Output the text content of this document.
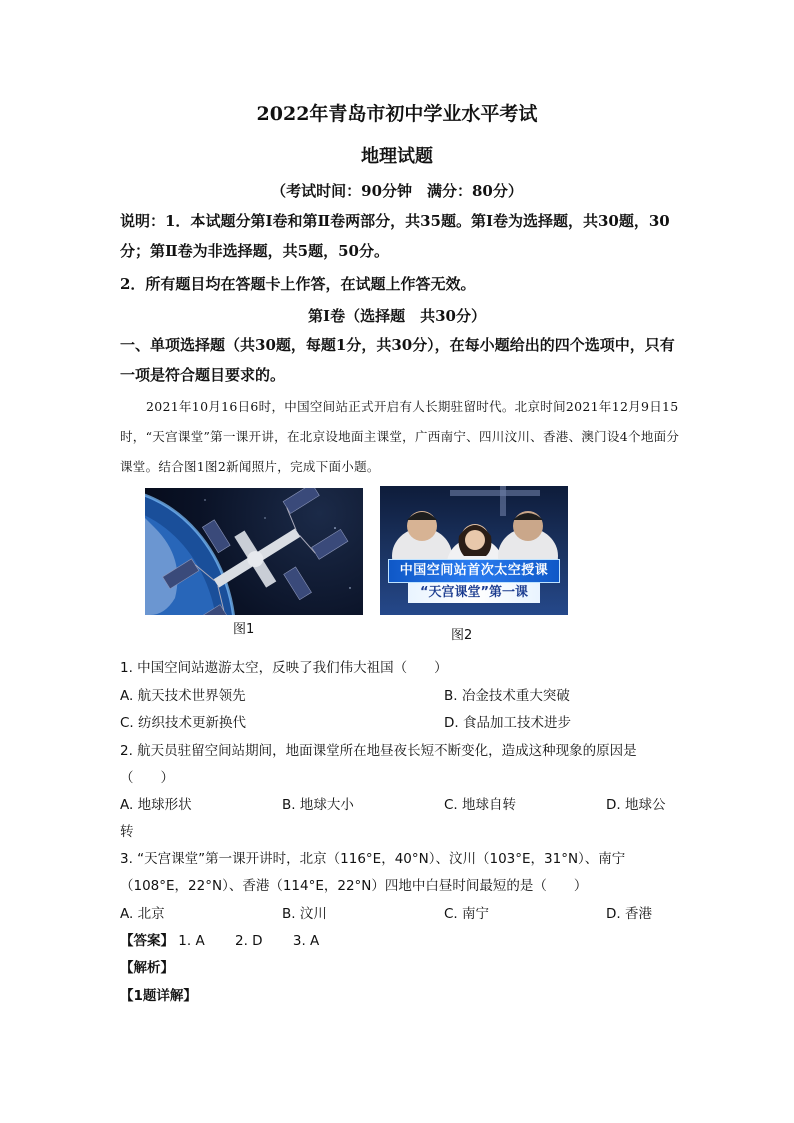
2022年青岛市初中学业水平考试
地理试题
（考试时间：90分钟　满分：80分）
说明：1．本试题分第Ⅰ卷和第Ⅱ卷两部分，共35题。第Ⅰ卷为选择题，共30题，30分；第Ⅱ卷为非选择题，共5题，50分。
2．所有题目均在答题卡上作答，在试题上作答无效。
第Ⅰ卷（选择题　共30分）
一、单项选择题（共30题，每题1分，共30分），在每小题给出的四个选项中，只有一项是符合题目要求的。
2021年10月16日6时，中国空间站正式开启有人长期驻留时代。北京时间2021年12月9日15时，“天宫课堂”第一课开讲，在北京设地面主课堂，广西南宁、四川汶川、香港、澳门设4个地面分课堂。结合图1图2新闻照片，完成下面小题。
图1
中国空间站首次太空授课
“天宫课堂”第一课
图2
1. 中国空间站遨游太空，反映了我们伟大祖国（　　）
A. 航天技术世界领先	B. 冶金技术重大突破
C. 纺织技术更新换代	D. 食品加工技术进步
2. 航天员驻留空间站期间，地面课堂所在地昼夜长短不断变化，造成这种现象的原因是
（　　）
A. 地球形状	B. 地球大小	C. 地球自转	D. 地球公
转
3. “天宫课堂”第一课开讲时，北京（116°E，40°N）、汶川（103°E，31°N）、南宁
（108°E，22°N）、香港（114°E，22°N）四地中白昼时间最短的是（　　）
A. 北京	B. 汶川	C. 南宁	D. 香港
【答案】 1. A 2. D 3. A
【解析】
【1题详解】
